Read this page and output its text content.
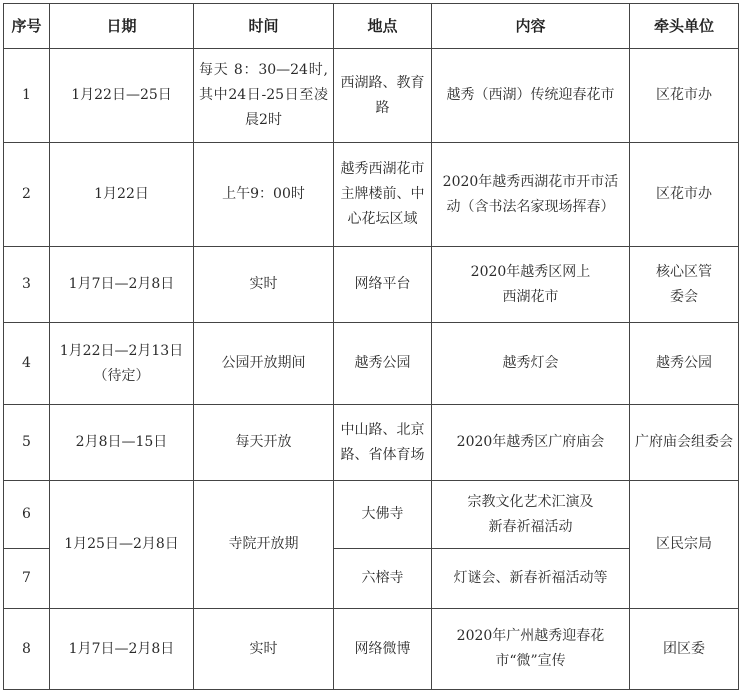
序号	日期	时间	地点	内容	牵头单位
1	1月22日—25日	每天 8：30—24时,其中24日-25日至凌晨2时	西湖路、教育路	越秀（西湖）传统迎春花市	区花市办
2	1月22日	上午9：00时	越秀西湖花市主牌楼前、中心花坛区域	2020年越秀西湖花市开市活动（含书法名家现场挥春）	区花市办
3	1月7日—2月8日	实时	网络平台	2020年越秀区网上西湖花市	核心区管委会
4	1月22日—2月13日（待定）	公园开放期间	越秀公园	越秀灯会	越秀公园
5	2月8日—15日	每天开放	中山路、北京路、省体育场	2020年越秀区广府庙会	广府庙会组委会
6	1月25日—2月8日	寺院开放期	大佛寺	宗教文化艺术汇演及新春祈福活动	区民宗局
7			六榕寺	灯谜会、新春祈福活动等	
8	1月7日—2月8日	实时	网络微博	2020年广州越秀迎春花市“微”宣传	团区委
